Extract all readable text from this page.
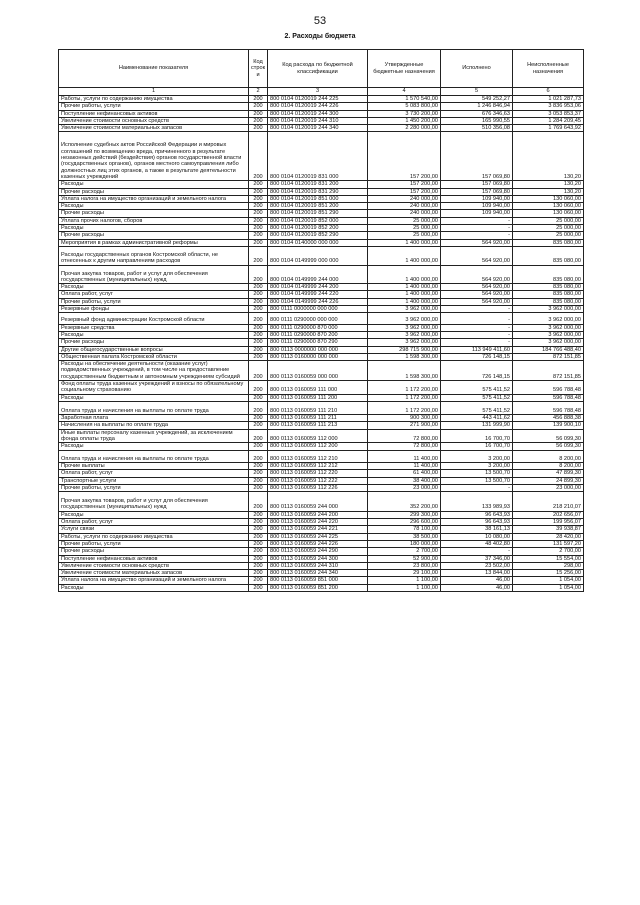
53
2. Расходы бюджета
Наименование показателя	Код строк и	Код расхода по бюджетной классификации	Утвержденные бюджетные назначения	Исполнено	Неисполненные назначения
1	2	3	4	5	6
Работы, услуги по содержанию имущества	200	800 0104 0120019 244 225	1 570 540,00	549 252,27	1 021 287,73
Прочие работы, услуги	200	800 0104 0120019 244 226	5 083 800,00	1 246 846,94	3 836 953,06
Поступление нефинансовых активов	200	800 0104 0120019 244 300	3 730 200,00	676 346,63	3 053 853,37
Увеличение стоимости основных средств	200	800 0104 0120019 244 310	1 450 200,00	165 990,55	1 284 209,45
Увеличение стоимости материальных запасов	200	800 0104 0120019 244 340	2 280 000,00	510 356,08	1 769 643,92
Исполнение судебных актов Российской Федерации и мировых соглашений по возмещению вреда, причиненного в результате незаконных действий (бездействия) органов государственной власти (государственных органов), органов местного самоуправления либо должностных лиц этих органов, а также в результате деятельности казенных учреждений	200	800 0104 0120019 831 000	157 200,00	157 069,80	130,20
Расходы	200	800 0104 0120019 831 200	157 200,00	157 069,80	130,20
Прочие расходы	200	800 0104 0120019 831 290	157 200,00	157 069,80	130,20
Уплата налога на имущество организаций и земельного налога	200	800 0104 0120019 851 000	240 000,00	109 940,00	130 060,00
Расходы	200	800 0104 0120019 851 200	240 000,00	109 940,00	130 060,00
Прочие расходы	200	800 0104 0120019 851 290	240 000,00	109 940,00	130 060,00
Уплата прочих налогов, сборов	200	800 0104 0120019 852 000	25 000,00	-	25 000,00
Расходы	200	800 0104 0120019 852 200	25 000,00	-	25 000,00
Прочие расходы	200	800 0104 0120019 852 290	25 000,00	-	25 000,00
Мероприятия в рамках административной реформы	200	800 0104 0140000 000 000	1 400 000,00	564 920,00	835 080,00
Расходы государственных органов Костромской области, не отнесенных к другим направлениям расходов	200	800 0104 0149999 000 000	1 400 000,00	564 920,00	835 080,00
Прочая закупка товаров, работ и услуг для обеспечения государственных (муниципальных) нужд	200	800 0104 0149999 244 000	1 400 000,00	564 920,00	835 080,00
Расходы	200	800 0104 0149999 244 200	1 400 000,00	564 920,00	835 080,00
Оплата работ, услуг	200	800 0104 0149999 244 220	1 400 000,00	564 920,00	835 080,00
Прочие работы, услуги	200	800 0104 0149999 244 226	1 400 000,00	564 920,00	835 080,00
Резервные фонды	200	800 0111 0000000 000 000	3 962 000,00	-	3 962 000,00
Резервный фонд администрации Костромской области	200	800 0111 0290000 000 000	3 962 000,00	-	3 962 000,00
Резервные средства	200	800 0111 0290000 870 000	3 962 000,00	-	3 962 000,00
Расходы	200	800 0111 0290000 870 200	3 962 000,00	-	3 962 000,00
Прочие расходы	200	800 0111 0290000 870 290	3 962 000,00	-	3 962 000,00
Другие общегосударственные вопросы	200	800 0113 0000000 000 000	298 715 900,00	113 949 411,60	184 766 488,40
Общественная палата Костромской области	200	800 0113 0160000 000 000	1 598 300,00	726 148,15	872 151,85
Расходы на обеспечение деятельности (оказание услуг) подведомственных учреждений, в том числе на предоставление государственным бюджетным и автономным учреждениям субсидий	200	800 0113 0160059 000 000	1 598 300,00	726 148,15	872 151,85
Фонд оплаты труда казенных учреждений и взносы по обязательному социальному страхованию	200	800 0113 0160059 111 000	1 172 200,00	575 411,52	596 788,48
Расходы	200	800 0113 0160059 111 200	1 172 200,00	575 411,52	596 788,48
Оплата труда и начисления на выплаты по оплате труда	200	800 0113 0160059 111 210	1 172 200,00	575 411,52	596 788,48
Заработная плата	200	800 0113 0160059 111 211	900 300,00	443 411,62	456 888,38
Начисления на выплаты по оплате труда	200	800 0113 0160059 111 213	271 900,00	131 999,90	139 900,10
Иные выплаты персоналу казенных учреждений, за исключением фонда оплаты труда	200	800 0113 0160059 112 000	72 800,00	16 700,70	56 099,30
Расходы	200	800 0113 0160059 112 200	72 800,00	16 700,70	56 099,30
Оплата труда и начисления на выплаты по оплате труда	200	800 0113 0160059 112 210	11 400,00	3 200,00	8 200,00
Прочие выплаты	200	800 0113 0160059 112 212	11 400,00	3 200,00	8 200,00
Оплата работ, услуг	200	800 0113 0160059 112 220	61 400,00	13 500,70	47 899,30
Транспортные услуги	200	800 0113 0160059 112 222	38 400,00	13 500,70	24 899,30
Прочие работы, услуги	200	800 0113 0160059 112 226	23 000,00	-	23 000,00
Прочая закупка товаров, работ и услуг для обеспечения государственных (муниципальных) нужд	200	800 0113 0160059 244 000	352 200,00	133 989,93	218 210,07
Расходы	200	800 0113 0160059 244 200	299 300,00	96 643,93	202 656,07
Оплата работ, услуг	200	800 0113 0160059 244 220	296 600,00	96 643,93	199 956,07
Услуги связи	200	800 0113 0160059 244 221	78 100,00	38 161,13	39 938,87
Работы, услуги по содержанию имущества	200	800 0113 0160059 244 225	38 500,00	10 080,00	28 420,00
Прочие работы, услуги	200	800 0113 0160059 244 226	180 000,00	48 402,80	131 597,20
Прочие расходы	200	800 0113 0160059 244 290	2 700,00	-	2 700,00
Поступление нефинансовых активов	200	800 0113 0160059 244 300	52 900,00	37 346,00	15 554,00
Увеличение стоимости основных средств	200	800 0113 0160059 244 310	23 800,00	23 502,00	298,00
Увеличение стоимости материальных запасов	200	800 0113 0160059 244 340	29 100,00	13 844,00	15 256,00
Уплата налога на имущество организаций и земельного налога	200	800 0113 0160059 851 000	1 100,00	46,00	1 054,00
Расходы	200	800 0113 0160059 851 200	1 100,00	46,00	1 054,00
